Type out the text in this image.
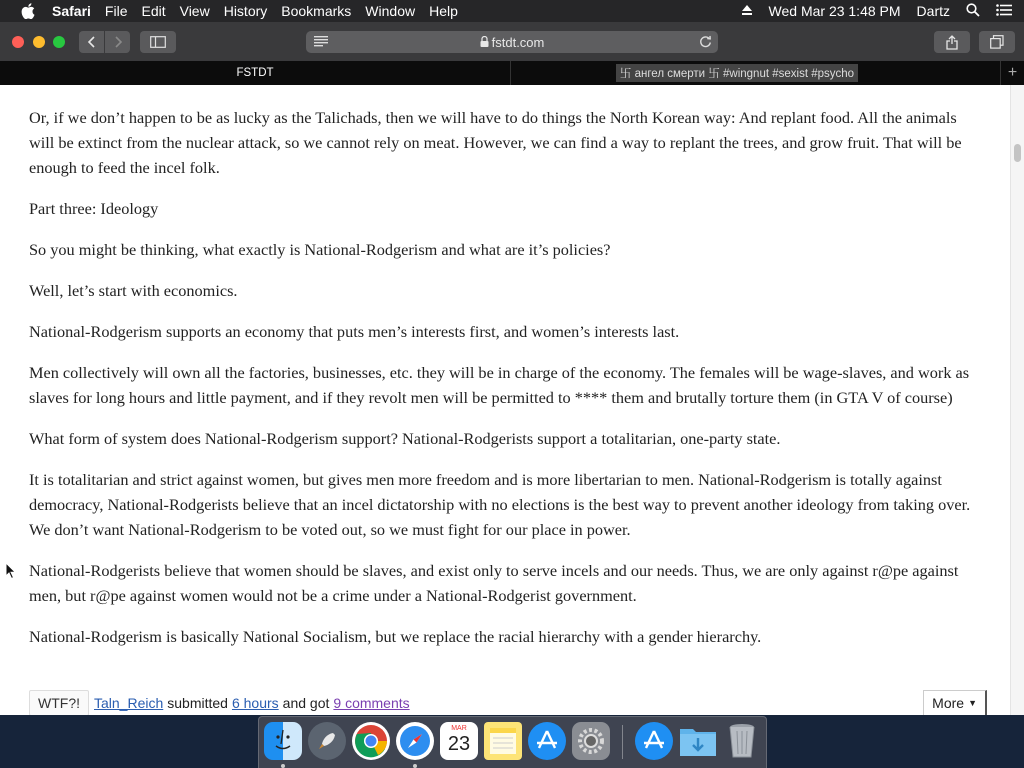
Safari	File	Edit	View	History	Bookmarks	Window	Help	Wed Mar 23 1:48 PM Dartz
fstdt.com
FSTDT	卐 ангел смерти 卐 #wingnut #sexist #psycho	+

Or, if we don’t happen to be as lucky as the Talichads, then we will have to do things the North Korean way: And replant food. All the animals will be extinct from the nuclear attack, so we cannot rely on meat. However, we can find a way to replant the trees, and grow fruit. That will be enough to feed the incel folk.

Part three: Ideology

So you might be thinking, what exactly is National-Rodgerism and what are it’s policies?

Well, let’s start with economics.

National-Rodgerism supports an economy that puts men’s interests first, and women’s interests last.

Men collectively will own all the factories, businesses, etc. they will be in charge of the economy. The females will be wage-slaves, and work as slaves for long hours and little payment, and if they revolt men will be permitted to **** them and brutally torture them (in GTA V of course)

What form of system does National-Rodgerism support? National-Rodgerists support a totalitarian, one-party state.

It is totalitarian and strict against women, but gives men more freedom and is more libertarian to men. National-Rodgerism is totally against democracy, National-Rodgerists believe that an incel dictatorship with no elections is the best way to prevent another ideology from taking over. We don’t want National-Rodgerism to be voted out, so we must fight for our place in power.

National-Rodgerists believe that women should be slaves, and exist only to serve incels and our needs. Thus, we are only against r@pe against men, but r@pe against women would not be a crime under a National-Rodgerist government.

National-Rodgerism is basically National Socialism, but we replace the racial hierarchy with a gender hierarchy.

WTF?!	Taln_Reich submitted 6 hours and got 9 comments	More ▼
MAR
23
